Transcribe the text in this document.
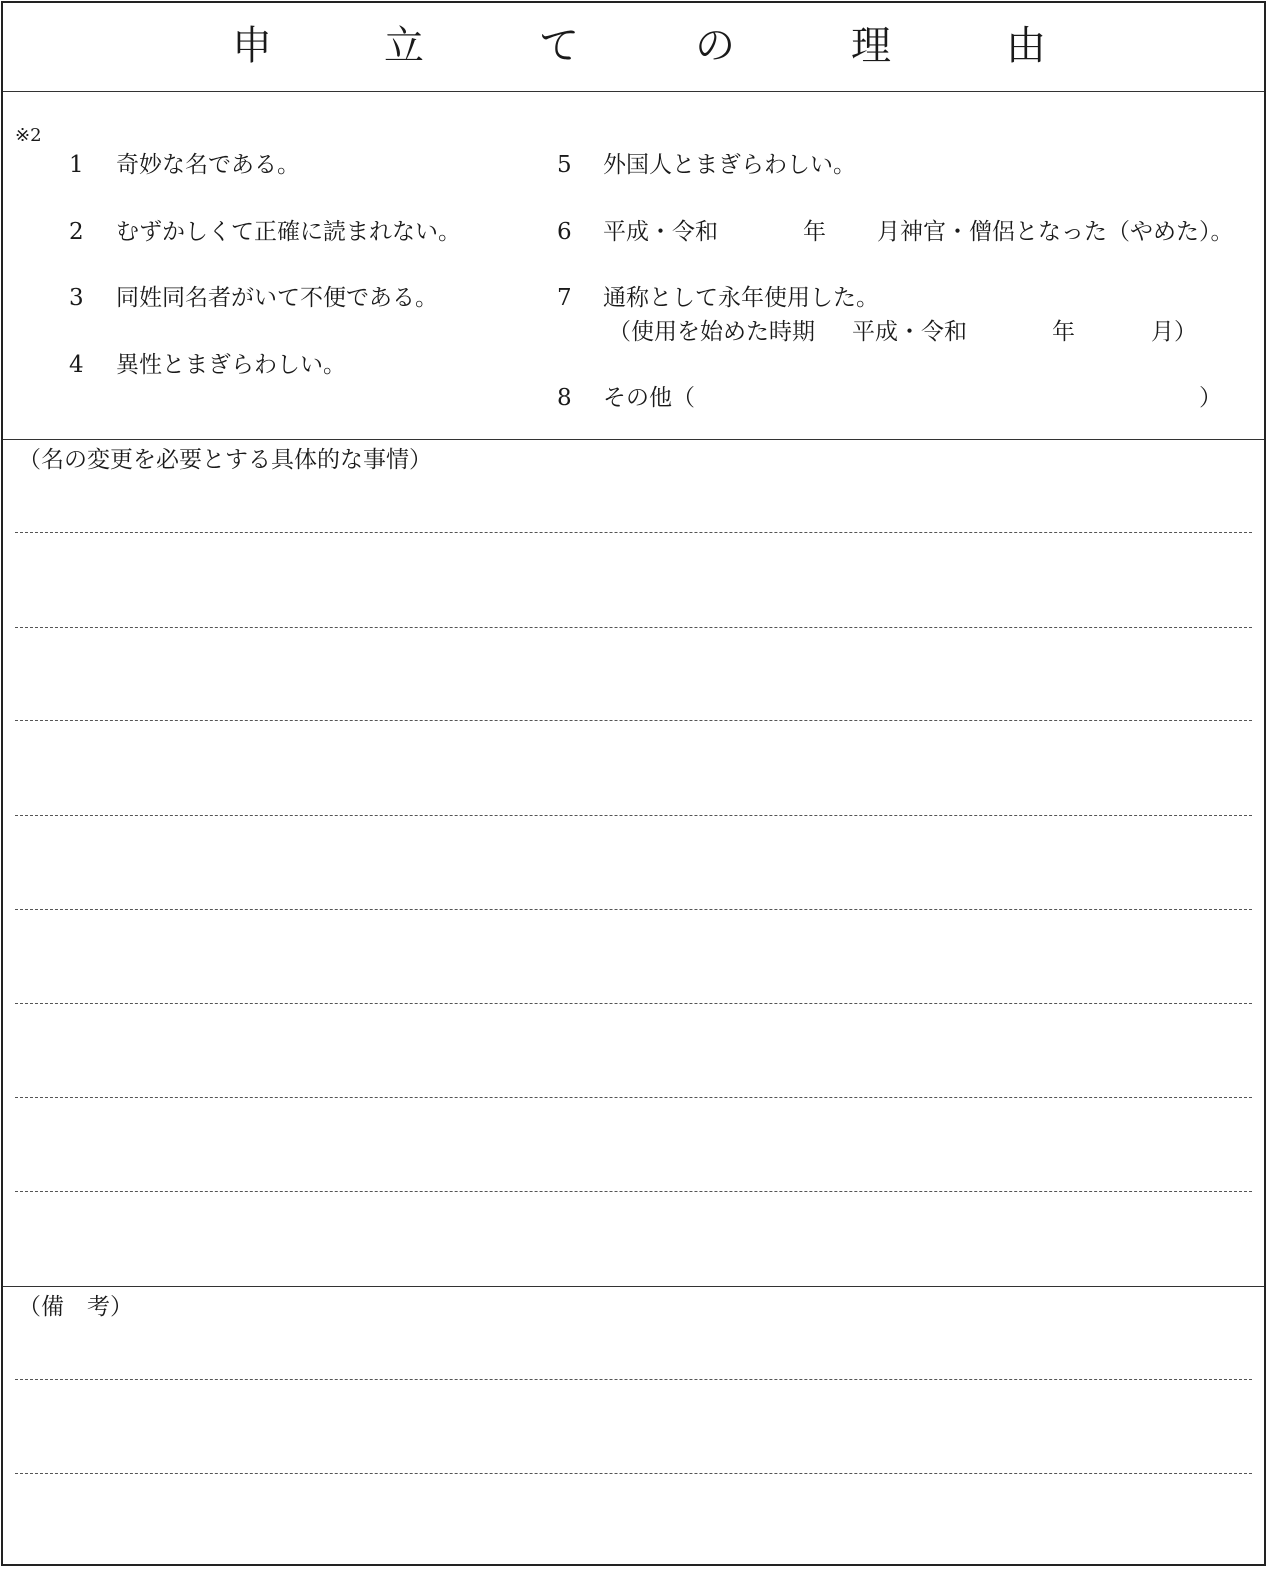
申	立	て	の	理	由
※2
1 奇妙な名である。
2 むずかしくて正確に読まれない。
3 同姓同名者がいて不便である。
4 異性とまぎらわしい。
5 外国人とまぎらわしい。
6 平成・令和	年 月神官・僧侶となった（やめた）。
7 通称として永年使用した。
（使用を始めた時期 平成・令和	年	月）
8 その他（	）
（名の変更を必要とする具体的な事情）
（備　考）
